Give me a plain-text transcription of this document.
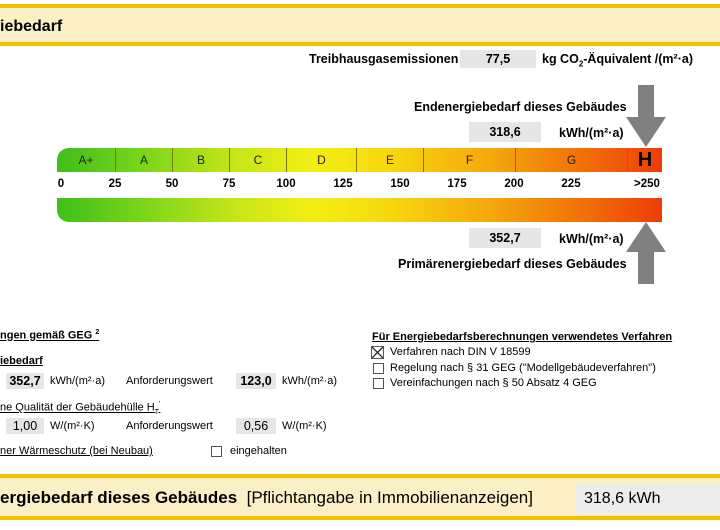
iebedarf
Treibhausgasemissionen	77,5	kg $CO_2$-Äquivalent /(m²·a)
Endenergiebedarf dieses Gebäudes
318,6	kWh/(m²·a)
A+	A	B	C	D	E	F	G	H
0	25	50	75	100	125	150	175	200	225	>250
352,7	kWh/(m²·a)
Primärenergiebedarf dieses Gebäudes
ngen gemäß GEG $^2$
iebedarf
352,7 kWh/(m²·a) Anforderungswert	123,0 kWh/(m²·a)
ne Qualität der Gebäudehülle $H_T'$
1,00	W/(m²·K)	Anforderungswert	0,56	W/(m²·K)
ner Wärmeschutz (bei Neubau)	eingehalten
Für Energiebedarfsberechnungen verwendetes Verfahren
Verfahren nach DIN V 18599
Regelung nach § 31 GEG ("Modellgebäudeverfahren")
Vereinfachungen nach § 50 Absatz 4 GEG
ergiebedarf dieses Gebäudes [Pflichtangabe in Immobilienanzeigen]	318,6 kWh
